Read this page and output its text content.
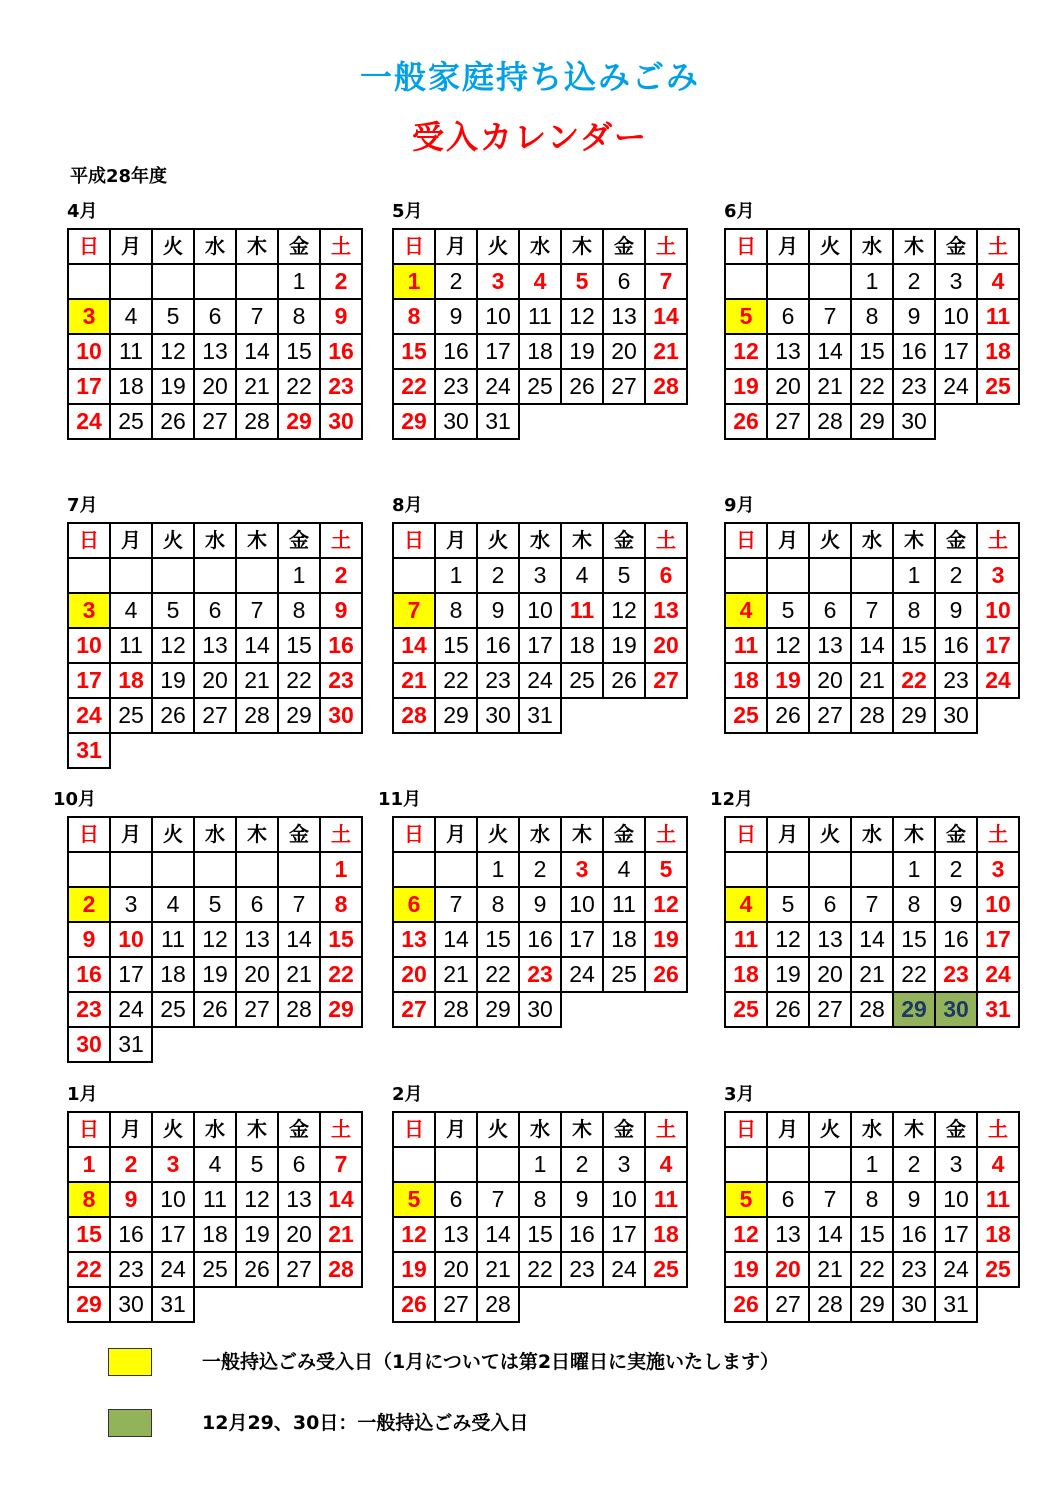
一般家庭持ち込みごみ
受入カレンダー
平成28年度
4月
日	月	火	水	木	金	土
					1	2
3	4	5	6	7	8	9
10	11	12	13	14	15	16
17	18	19	20	21	22	23
24	25	26	27	28	29	30
5月
日	月	火	水	木	金	土
1	2	3	4	5	6	7
8	9	10	11	12	13	14
15	16	17	18	19	20	21
22	23	24	25	26	27	28
29	30	31				
6月
日	月	火	水	木	金	土
			1	2	3	4
5	6	7	8	9	10	11
12	13	14	15	16	17	18
19	20	21	22	23	24	25
26	27	28	29	30		
7月
日	月	火	水	木	金	土
					1	2
3	4	5	6	7	8	9
10	11	12	13	14	15	16
17	18	19	20	21	22	23
24	25	26	27	28	29	30
31						
8月
日	月	火	水	木	金	土
	1	2	3	4	5	6
7	8	9	10	11	12	13
14	15	16	17	18	19	20
21	22	23	24	25	26	27
28	29	30	31			
9月
日	月	火	水	木	金	土
				1	2	3
4	5	6	7	8	9	10
11	12	13	14	15	16	17
18	19	20	21	22	23	24
25	26	27	28	29	30	
10月
日	月	火	水	木	金	土
						1
2	3	4	5	6	7	8
9	10	11	12	13	14	15
16	17	18	19	20	21	22
23	24	25	26	27	28	29
30	31					
11月
日	月	火	水	木	金	土
		1	2	3	4	5
6	7	8	9	10	11	12
13	14	15	16	17	18	19
20	21	22	23	24	25	26
27	28	29	30			
12月
日	月	火	水	木	金	土
				1	2	3
4	5	6	7	8	9	10
11	12	13	14	15	16	17
18	19	20	21	22	23	24
25	26	27	28	29	30	31
1月
日	月	火	水	木	金	土
1	2	3	4	5	6	7
8	9	10	11	12	13	14
15	16	17	18	19	20	21
22	23	24	25	26	27	28
29	30	31				
2月
日	月	火	水	木	金	土
			1	2	3	4
5	6	7	8	9	10	11
12	13	14	15	16	17	18
19	20	21	22	23	24	25
26	27	28				
3月
日	月	火	水	木	金	土
			1	2	3	4
5	6	7	8	9	10	11
12	13	14	15	16	17	18
19	20	21	22	23	24	25
26	27	28	29	30	31	
一般持込ごみ受入日（1月については第2日曜日に実施いたします）
12月29、30日：一般持込ごみ受入日
